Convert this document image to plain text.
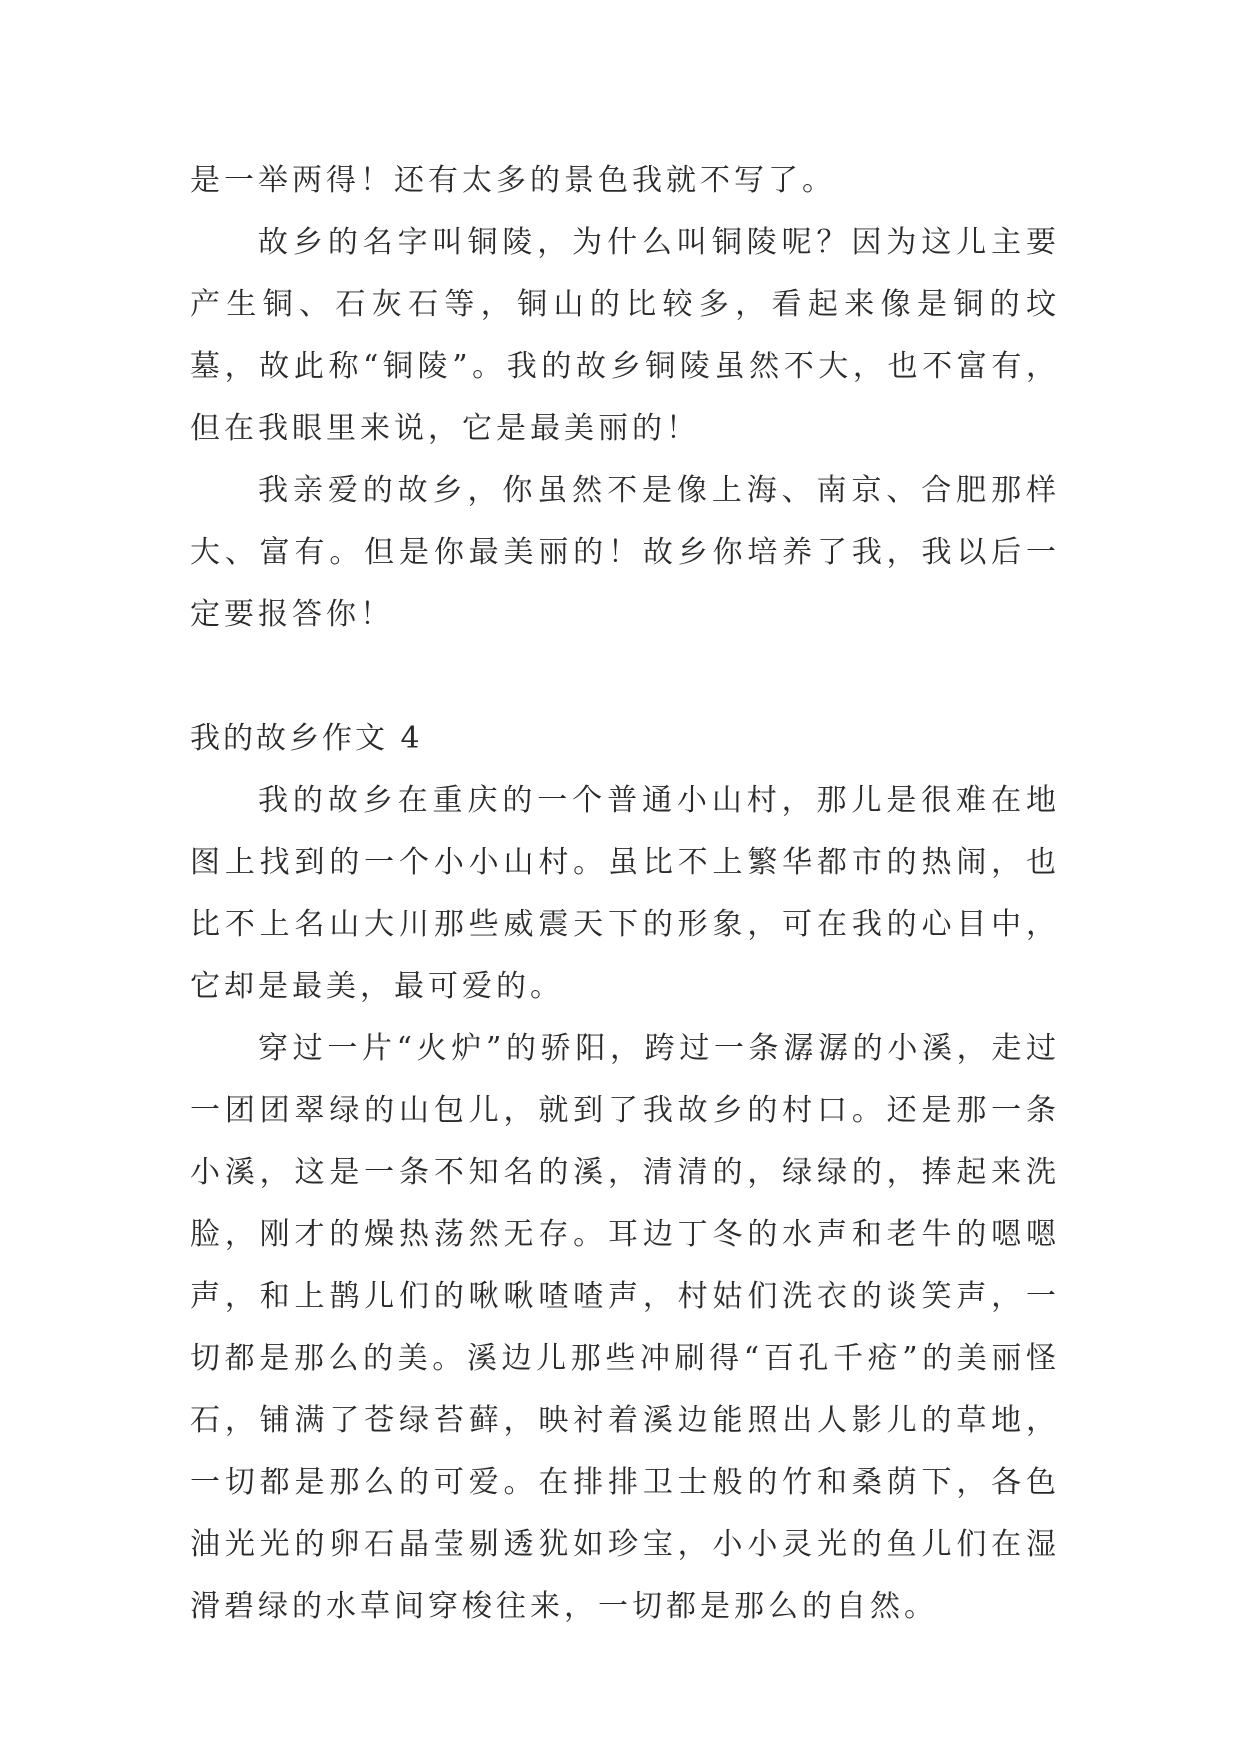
是一举两得！还有太多的景色我就不写了。

故乡的名字叫铜陵，为什么叫铜陵呢？因为这儿主要产生铜、石灰石等，铜山的比较多，看起来像是铜的坟墓，故此称“铜陵”。我的故乡铜陵虽然不大，也不富有，但在我眼里来说，它是最美丽的！

我亲爱的故乡，你虽然不是像上海、南京、合肥那样大、富有。但是你最美丽的！故乡你培养了我，我以后一定要报答你！

我的故乡作文 4

我的故乡在重庆的一个普通小山村，那儿是很难在地图上找到的一个小小山村。虽比不上繁华都市的热闹，也比不上名山大川那些威震天下的形象，可在我的心目中，它却是最美，最可爱的。

穿过一片“火炉”的骄阳，跨过一条潺潺的小溪，走过一团团翠绿的山包儿，就到了我故乡的村口。还是那一条小溪，这是一条不知名的溪，清清的，绿绿的，捧起来洗脸，刚才的燥热荡然无存。耳边丁冬的水声和老牛的嗯嗯声，和上鹊儿们的啾啾喳喳声，村姑们洗衣的谈笑声，一切都是那么的美。溪边儿那些冲刷得“百孔千疮”的美丽怪石，铺满了苍绿苔藓，映衬着溪边能照出人影儿的草地，一切都是那么的可爱。在排排卫士般的竹和桑荫下，各色油光光的卵石晶莹剔透犹如珍宝，小小灵光的鱼儿们在湿滑碧绿的水草间穿梭往来，一切都是那么的自然。
